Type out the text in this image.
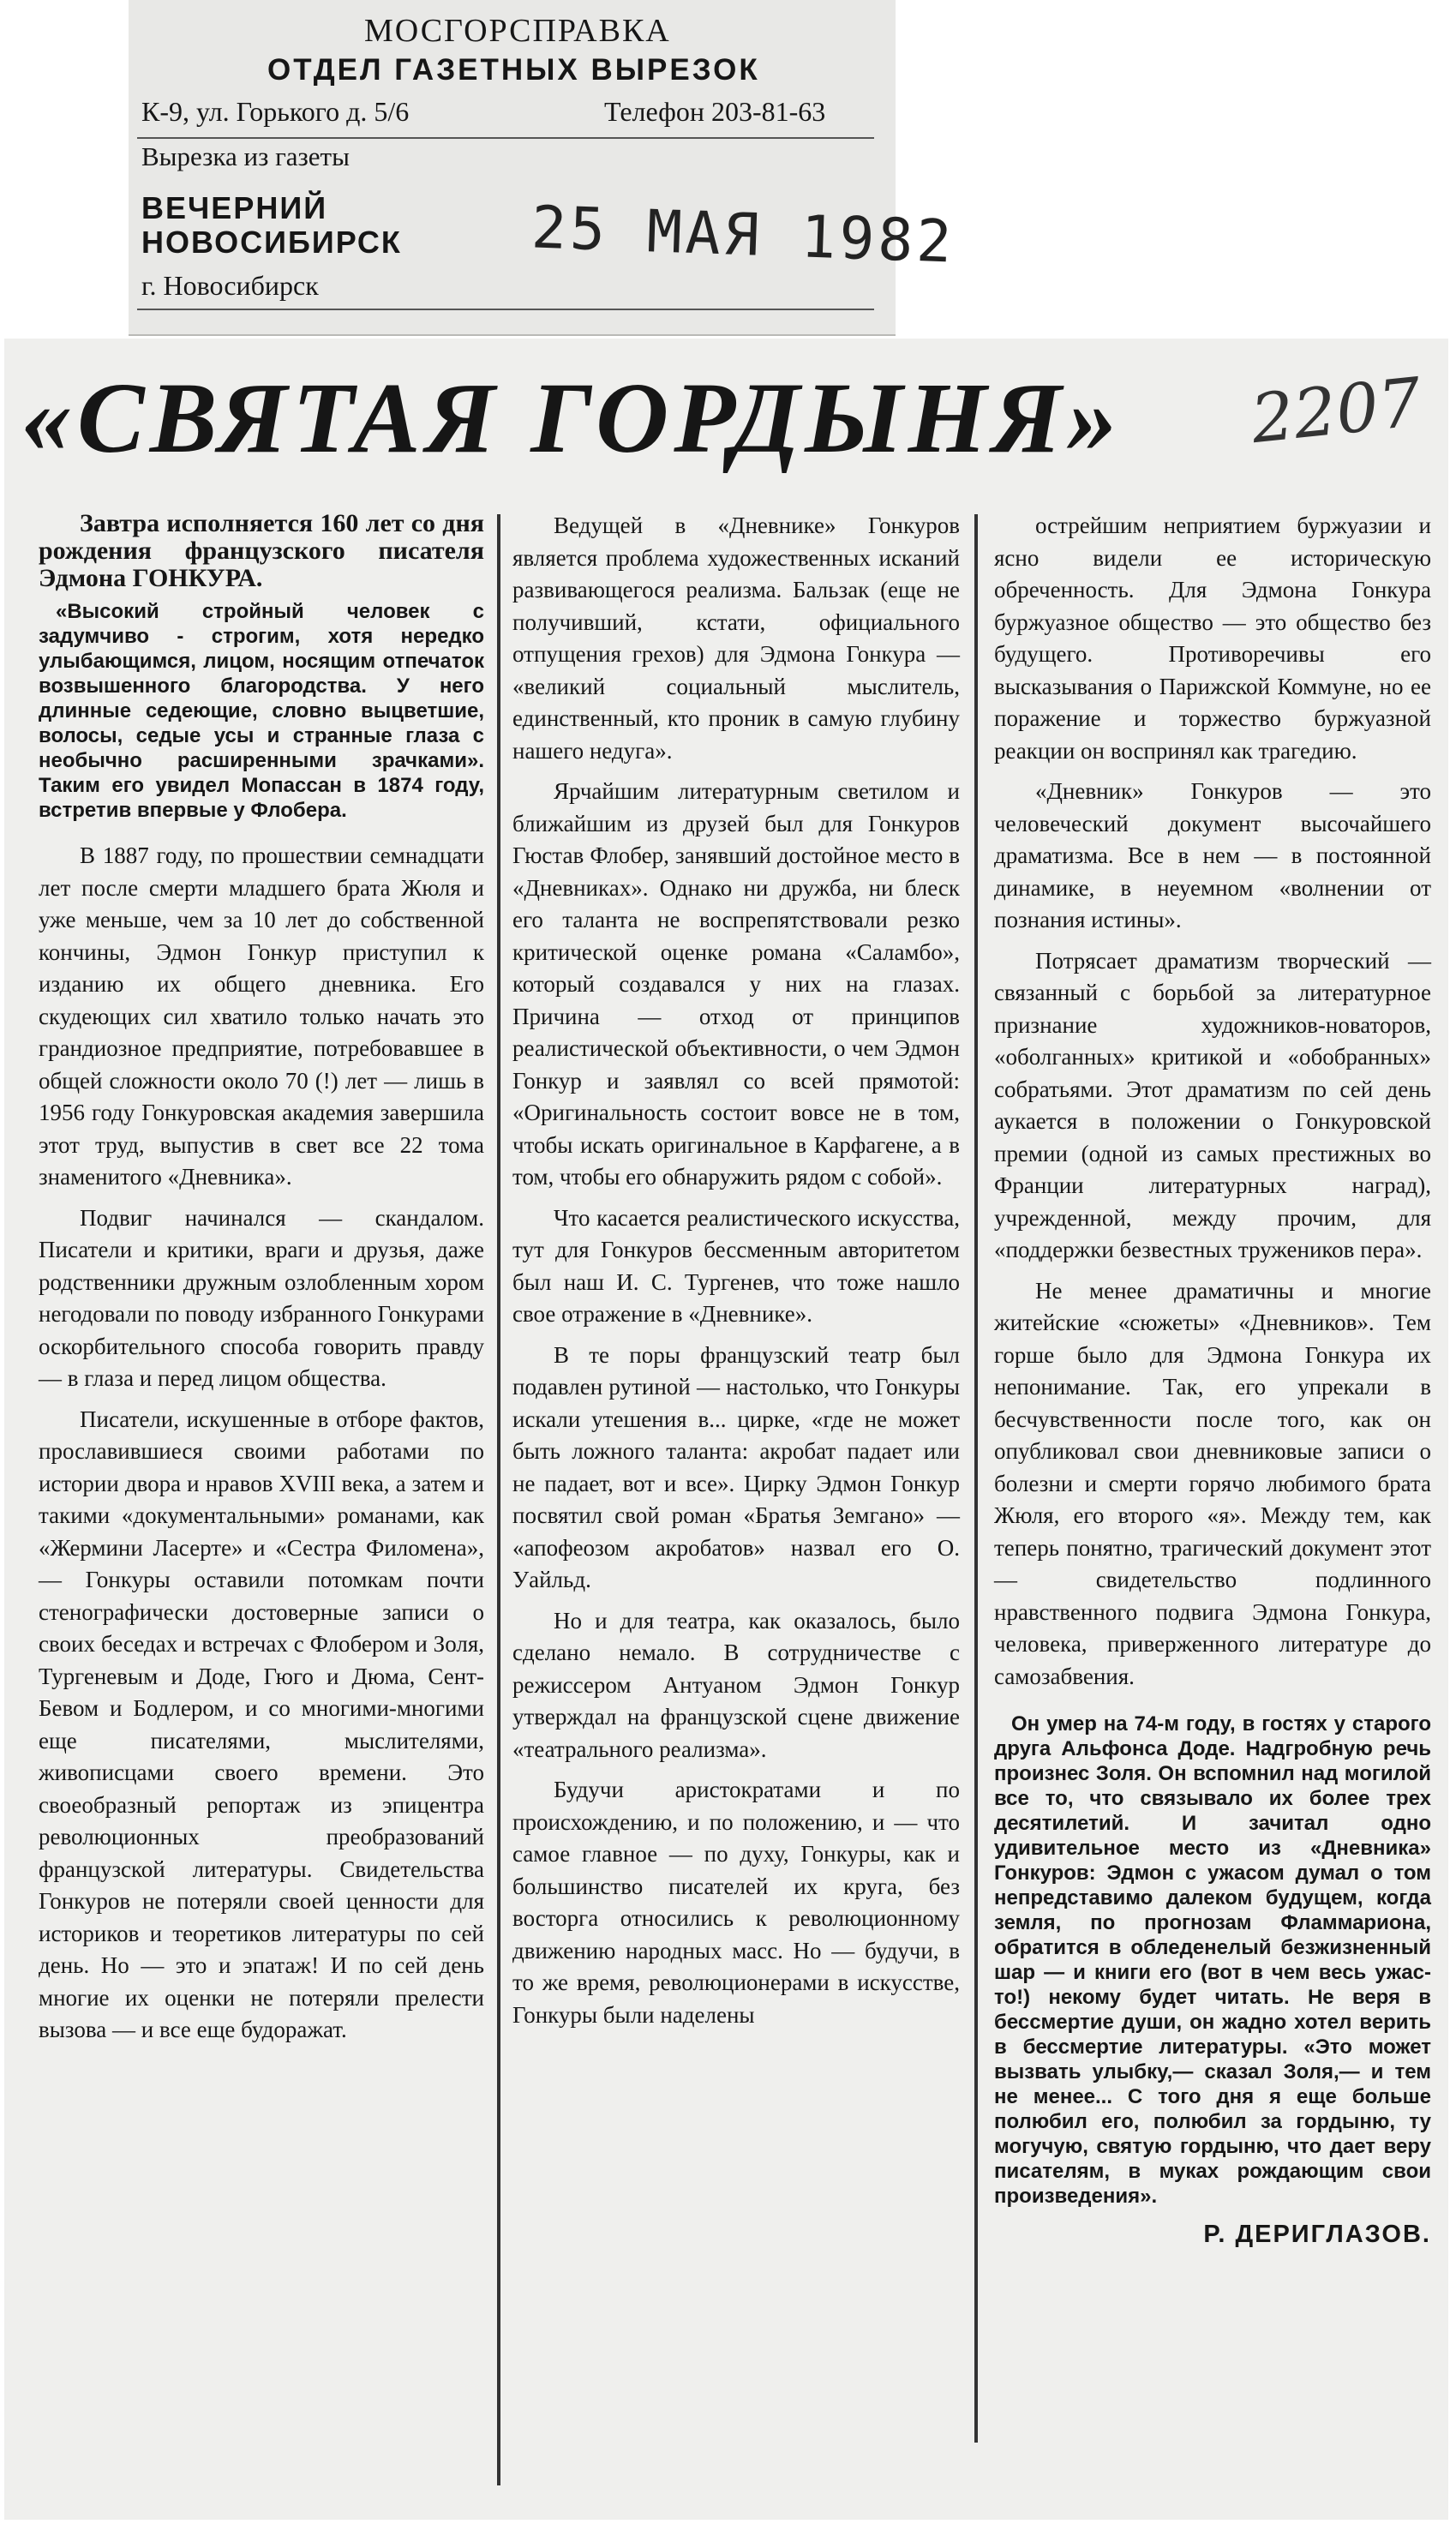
МОСГОРСПРАВКА
ОТДЕЛ ГАЗЕТНЫХ ВЫРЕЗОК
К-9, ул. Горького д. 5/6	Телефон 203-81-63
Вырезка из газеты
ВЕЧЕРНИЙ
НОВОСИБИРСК
г. Новосибирск
25 МАЯ 1982
«СВЯТАЯ ГОРДЫНЯ» 2207
Завтра исполняется 160 лет со дня рождения французского писателя Эдмона ГОНКУРА.
«Высокий стройный человек с задумчиво - строгим, хотя нередко улыбающимся, лицом, носящим отпечаток возвышенного благородства. У него длинные седеющие, словно выцветшие, волосы, седые усы и странные глаза с необычно расширенными зрачками». Таким его увидел Мопассан в 1874 году, встретив впервые у Флобера.

В 1887 году, по прошествии семнадцати лет после смерти младшего брата Жюля и уже меньше, чем за 10 лет до собственной кончины, Эдмон Гонкур приступил к изданию их общего дневника. Его скудеющих сил хватило только начать это грандиозное предприятие, потребовавшее в общей сложности около 70 (!) лет — лишь в 1956 году Гонкуровская академия завершила этот труд, выпустив в свет все 22 тома знаменитого «Дневника».

Подвиг начинался — скандалом. Писатели и критики, враги и друзья, даже родственники дружным озлобленным хором негодовали по поводу избранного Гонкурами оскорбительного способа говорить правду — в глаза и перед лицом общества.

Писатели, искушенные в отборе фактов, прославившиеся своими работами по истории двора и нравов XVIII века, а затем и такими «документальными» романами, как «Жермини Ласерте» и «Сестра Филомена», — Гонкуры оставили потомкам почти стенографически достоверные записи о своих беседах и встречах с Флобером и Золя, Тургеневым и Доде, Гюго и Дюма, Сент-Бевом и Бодлером, и со многими-многими еще писателями, мыслителями, живописцами своего времени. Это своеобразный репортаж из эпицентра революционных преобразований французской литературы. Свидетельства Гонкуров не потеряли своей ценности для историков и теоретиков литературы по сей день. Но — это и эпатаж! И по сей день многие их оценки не потеряли прелести вызова — и все еще будоражат.

Ведущей в «Дневнике» Гонкуров является проблема художественных исканий развивающегося реализма. Бальзак (еще не получивший, кстати, официального отпущения грехов) для Эдмона Гонкура — «великий социальный мыслитель, единственный, кто проник в самую глубину нашего недуга».

Ярчайшим литературным светилом и ближайшим из друзей был для Гонкуров Гюстав Флобер, занявший достойное место в «Дневниках». Однако ни дружба, ни блеск его таланта не воспрепятствовали резко критической оценке романа «Саламбо», который создавался у них на глазах. Причина — отход от принципов реалистической объективности, о чем Эдмон Гонкур и заявлял со всей прямотой: «Оригинальность состоит вовсе не в том, чтобы искать оригинальное в Карфагене, а в том, чтобы его обнаружить рядом с собой».

Что касается реалистического искусства, тут для Гонкуров бессменным авторитетом был наш И. С. Тургенев, что тоже нашло свое отражение в «Дневнике».

В те поры французский театр был подавлен рутиной — настолько, что Гонкуры искали утешения в... цирке, «где не может быть ложного таланта: акробат падает или не падает, вот и все». Цирку Эдмон Гонкур посвятил свой роман «Братья Земгано» — «апофеозом акробатов» назвал его О. Уайльд.

Но и для театра, как оказалось, было сделано немало. В сотрудничестве с режиссером Антуаном Эдмон Гонкур утверждал на французской сцене движение «театрального реализма».

Будучи аристократами и по происхождению, и по положению, и — что самое главное — по духу, Гонкуры, как и большинство писателей их круга, без восторга относились к революционному движению народных масс. Но — будучи, в то же время, революционерами в искусстве, Гонкуры были наделены

острейшим неприятием буржуазии и ясно видели ее историческую обреченность. Для Эдмона Гонкура буржуазное общество — это общество без будущего. Противоречивы его высказывания о Парижской Коммуне, но ее поражение и торжество буржуазной реакции он воспринял как трагедию.

«Дневник» Гонкуров — это человеческий документ высочайшего драматизма. Все в нем — в постоянной динамике, в неуемном «волнении от познания истины».

Потрясает драматизм творческий — связанный с борьбой за литературное признание художников-новаторов, «оболганных» критикой и «обобранных» собратьями. Этот драматизм по сей день аукается в положении о Гонкуровской премии (одной из самых престижных во Франции литературных наград), учрежденной, между прочим, для «поддержки безвестных тружеников пера».

Не менее драматичны и многие житейские «сюжеты» «Дневников». Тем горше было для Эдмона Гонкура их непонимание. Так, его упрекали в бесчувственности после того, как он опубликовал свои дневниковые записи о болезни и смерти горячо любимого брата Жюля, его второго «я». Между тем, как теперь понятно, трагический документ этот — свидетельство подлинного нравственного подвига Эдмона Гонкура, человека, приверженного литературе до самозабвения.

Он умер на 74-м году, в гостях у старого друга Альфонса Доде. Надгробную речь произнес Золя. Он вспомнил над могилой все то, что связывало их более трех десятилетий. И зачитал одно удивительное место из «Дневника» Гонкуров: Эдмон с ужасом думал о том непредставимо далеком будущем, когда земля, по прогнозам Фламмариона, обратится в обледенелый безжизненный шар — и книги его (вот в чем весь ужас-то!) некому будет читать. Не веря в бессмертие души, он жадно хотел верить в бессмертие литературы. «Это может вызвать улыбку,— сказал Золя,— и тем не менее... С того дня я еще больше полюбил его, полюбил за гордыню, ту могучую, святую гордыню, что дает веру писателям, в муках рождающим свои произведения».
Р. ДЕРИГЛАЗОВ.
